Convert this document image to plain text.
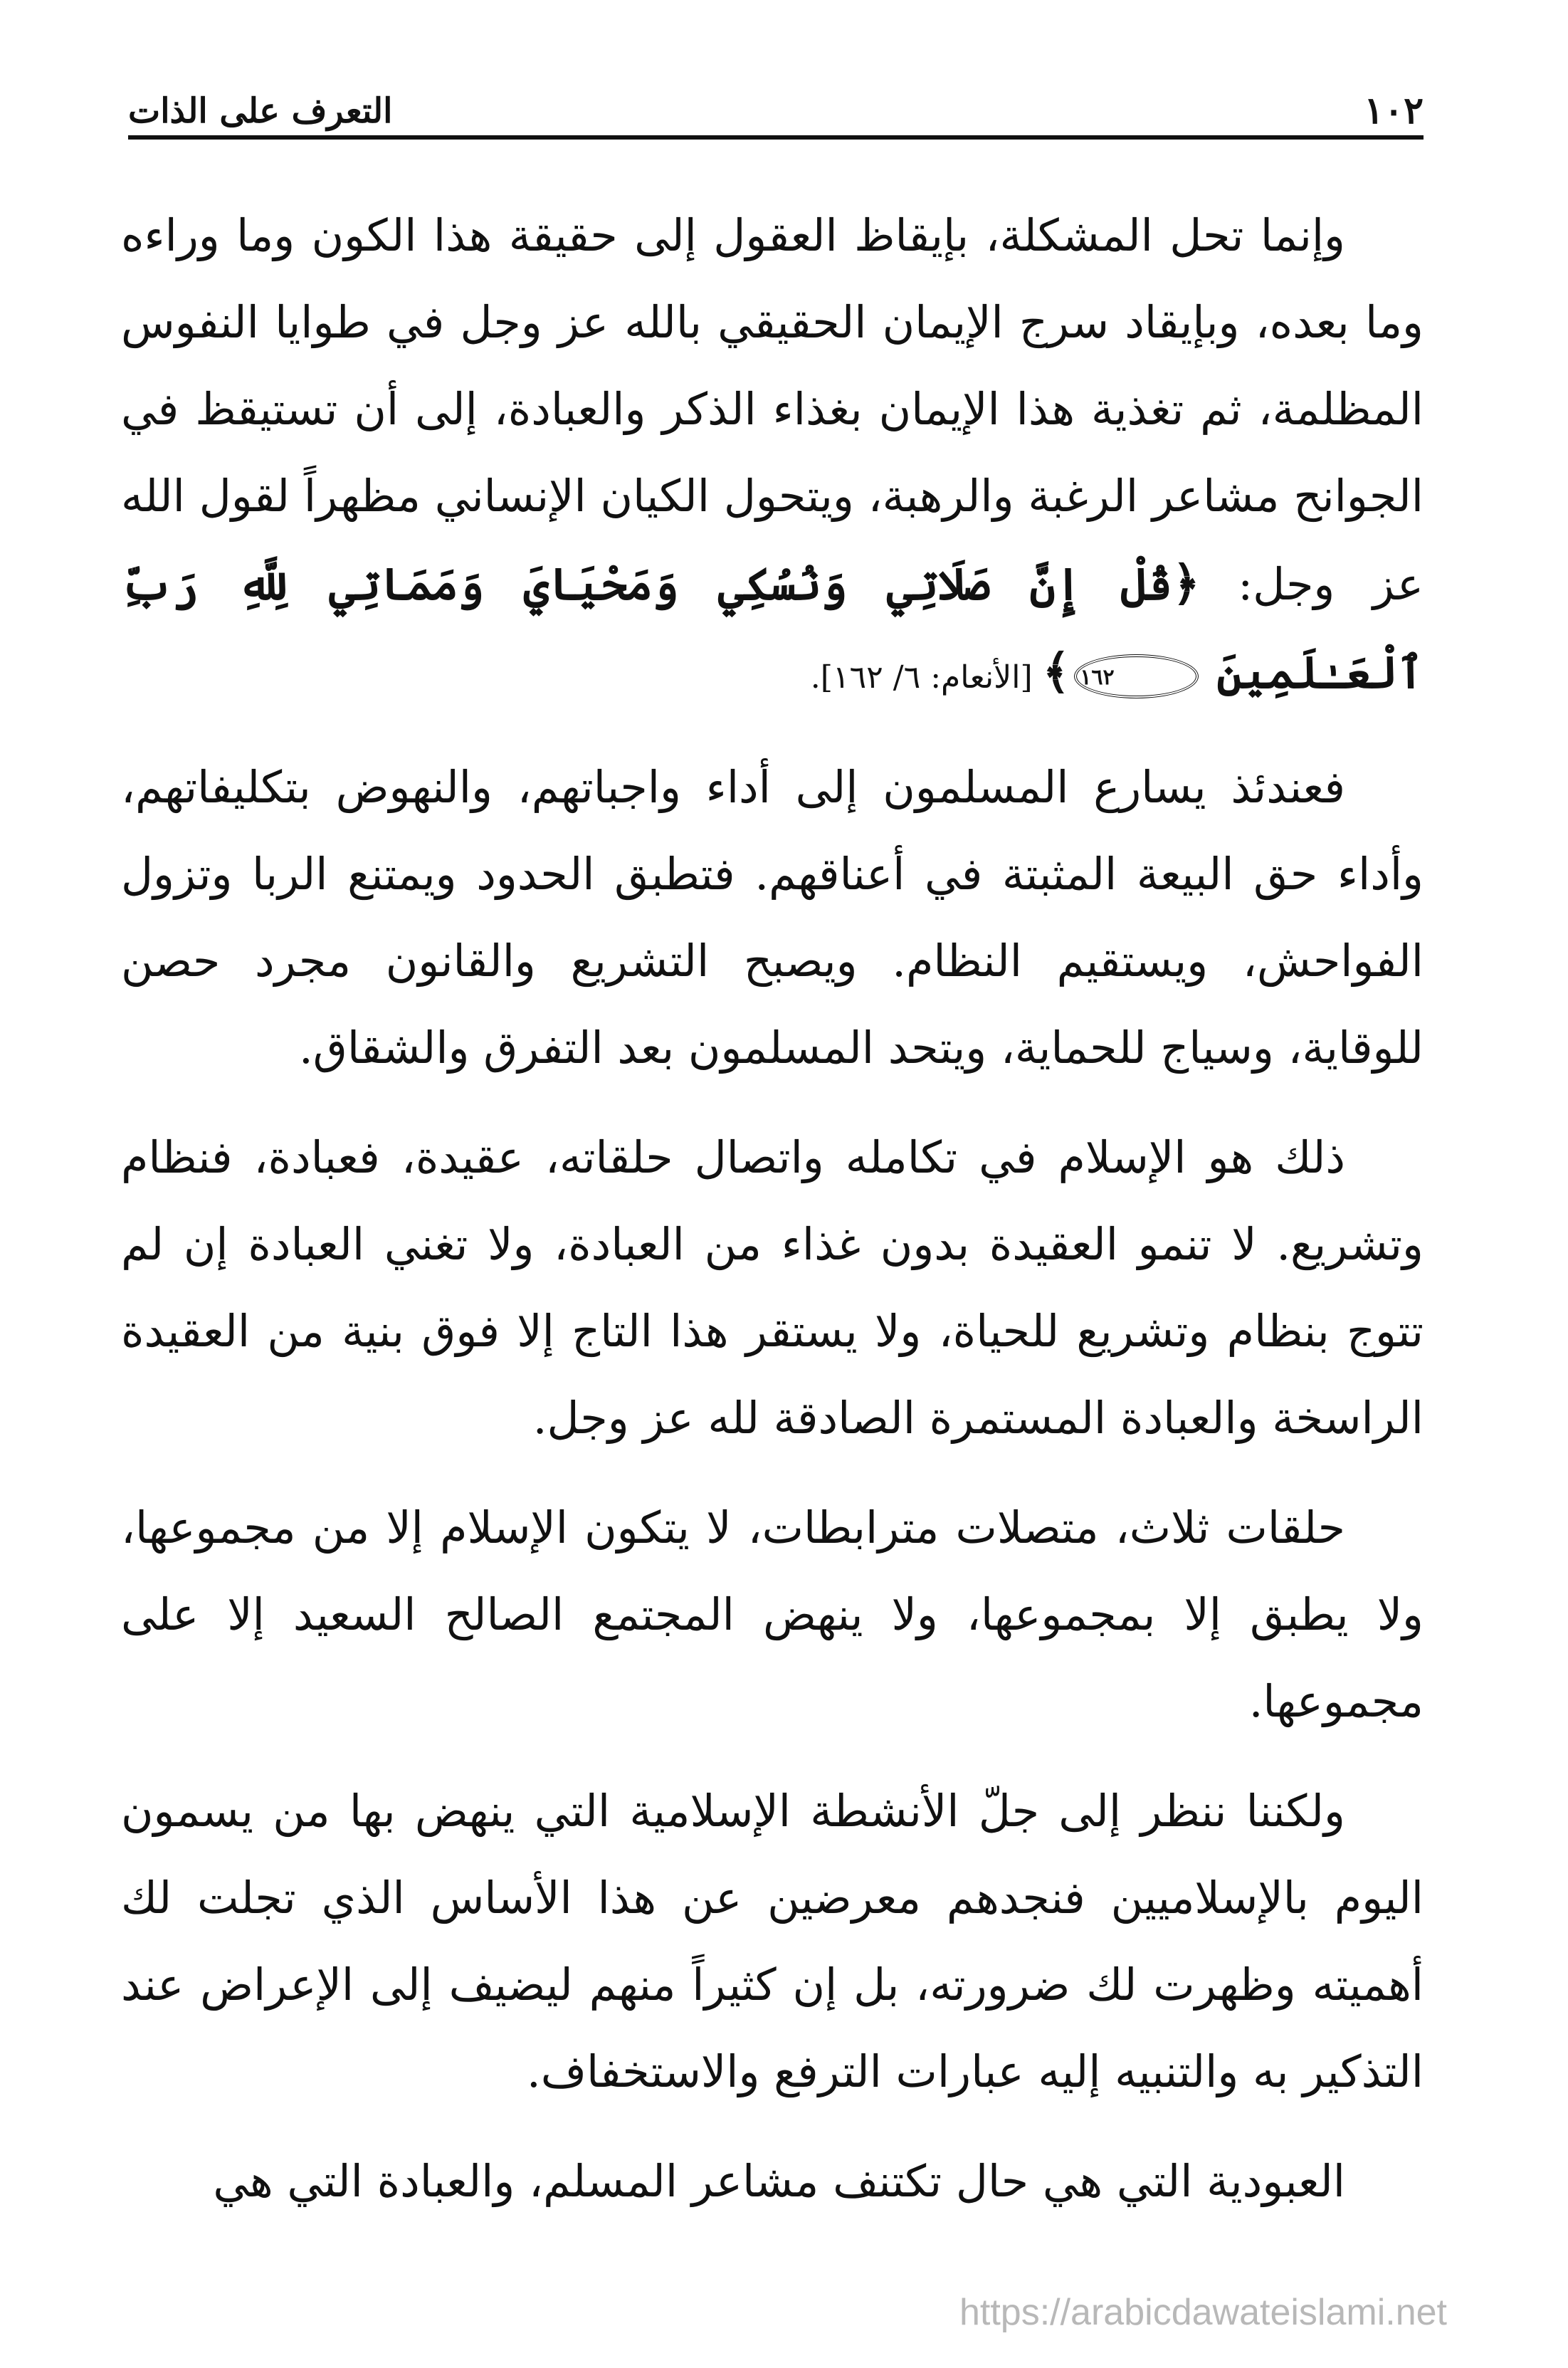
١٠٢
التعرف على الذات

وإنما تحل المشكلة، بإيقاظ العقول إلى حقيقة هذا الكون وما وراءه وما بعده، وبإيقاد سرج الإيمان الحقيقي بالله عز وجل في طوايا النفوس المظلمة، ثم تغذية هذا الإيمان بغذاء الذكر والعبادة، إلى أن تستيقظ في الجوانح مشاعر الرغبة والرهبة، ويتحول الكيان الإنساني مظهراً لقول الله عز وجل: ﴿قُلْ إِنَّ صَلَاتِي وَنُسُكِي وَمَحْيَايَ وَمَمَاتِي لِلَّهِ رَبِّ ٱلْعَـٰلَمِينَ ١٦٢﴾ [الأنعام: ٦/ ١٦٢].

فعندئذ يسارع المسلمون إلى أداء واجباتهم، والنهوض بتكليفاتهم، وأداء حق البيعة المثبتة في أعناقهم. فتطبق الحدود ويمتنع الربا وتزول الفواحش، ويستقيم النظام. ويصبح التشريع والقانون مجرد حصن للوقاية، وسياج للحماية، ويتحد المسلمون بعد التفرق والشقاق.

ذلك هو الإسلام في تكامله واتصال حلقاته، عقيدة، فعبادة، فنظام وتشريع. لا تنمو العقيدة بدون غذاء من العبادة، ولا تغني العبادة إن لم تتوج بنظام وتشريع للحياة، ولا يستقر هذا التاج إلا فوق بنية من العقيدة الراسخة والعبادة المستمرة الصادقة لله عز وجل.

حلقات ثلاث، متصلات مترابطات، لا يتكون الإسلام إلا من مجموعها، ولا يطبق إلا بمجموعها، ولا ينهض المجتمع الصالح السعيد إلا على مجموعها.

ولكننا ننظر إلى جلّ الأنشطة الإسلامية التي ينهض بها من يسمون اليوم بالإسلاميين فنجدهم معرضين عن هذا الأساس الذي تجلت لك أهميته وظهرت لك ضرورته، بل إن كثيراً منهم ليضيف إلى الإعراض عند التذكير به والتنبيه إليه عبارات الترفع والاستخفاف.

العبودية التي هي حال تكتنف مشاعر المسلم، والعبادة التي هي

https://arabicdawateislami.net
